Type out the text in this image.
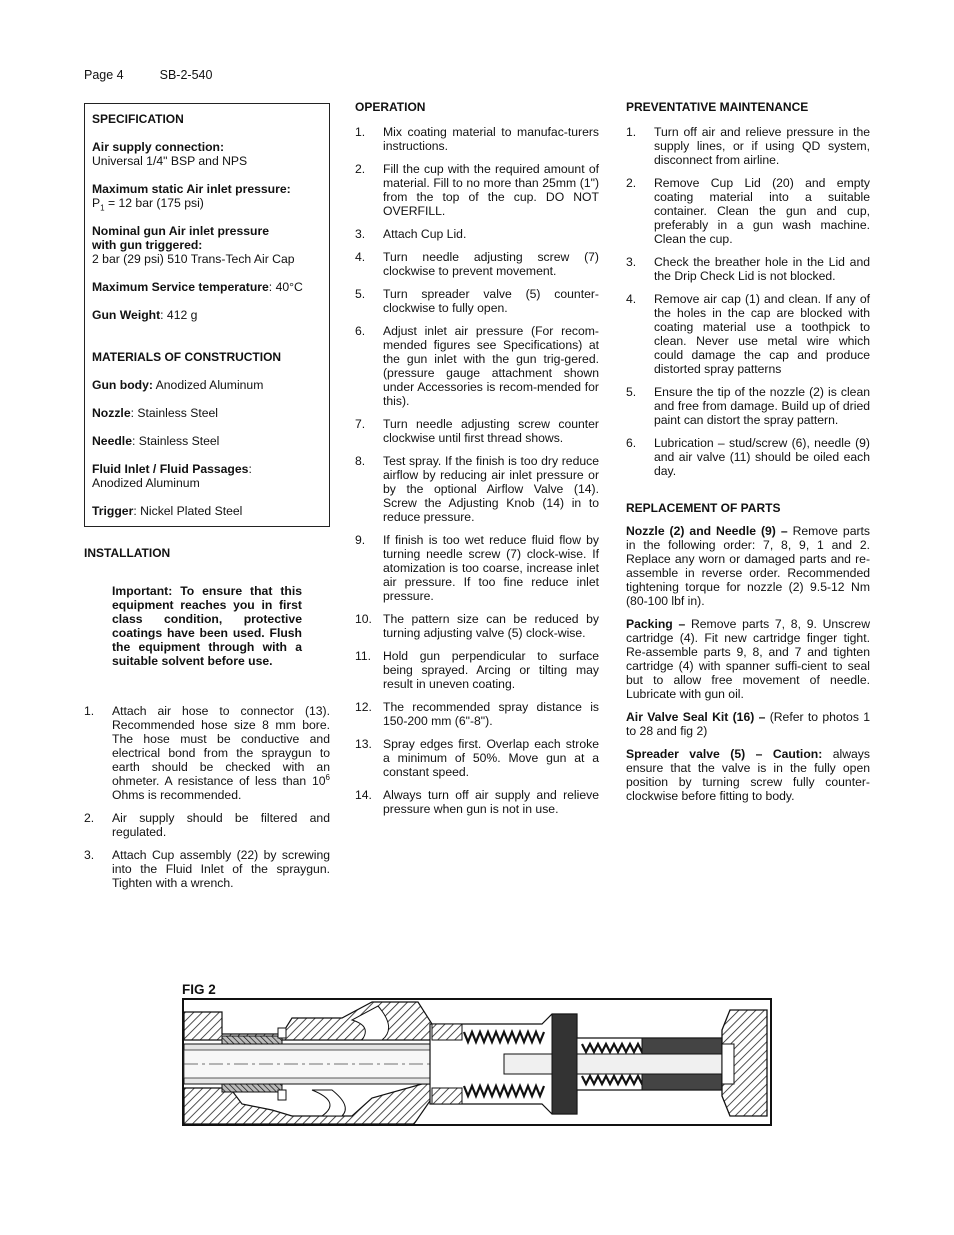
Page 4	SB-2-540

SPECIFICATION

Air supply connection:
Universal 1/4" BSP and NPS

Maximum static Air inlet pressure:
$P_1 = 12$ bar (175 psi)

Nominal gun Air inlet pressure
with gun triggered:
2 bar (29 psi) 510 Trans-Tech Air Cap

Maximum Service temperature: 40°C

Gun Weight: 412 g

MATERIALS OF CONSTRUCTION

Gun body: Anodized Aluminum

Nozzle: Stainless Steel

Needle: Stainless Steel

Fluid Inlet / Fluid Passages:
Anodized Aluminum

Trigger: Nickel Plated Steel

INSTALLATION

Important: To ensure that this equipment reaches you in first class condition, protective coatings have been used. Flush the equipment through with a suitable solvent before use.

1. Attach air hose to connector (13). Recommended hose size 8 mm bore. The hose must be conductive and electrical bond from the spraygun to earth should be checked with an ohmeter. A resistance of less than $10^6$ Ohms is recommended.
2. Air supply should be filtered and regulated.
3. Attach Cup assembly (22) by screwing into the Fluid Inlet of the spraygun. Tighten with a wrench.

OPERATION

1. Mix coating material to manufac-turers instructions.
2. Fill the cup with the required amount of material. Fill to no more than 25mm (1") from the top of the cup. DO NOT OVERFILL.
3. Attach Cup Lid.
4. Turn needle adjusting screw (7) clockwise to prevent movement.
5. Turn spreader valve (5) counter-clockwise to fully open.
6. Adjust inlet air pressure (For recom-mended figures see Specifications) at the gun inlet with the gun trig-gered. (pressure gauge attachment shown under Accessories is recom-mended for this).
7. Turn needle adjusting screw counter clockwise until first thread shows.
8. Test spray. If the finish is too dry reduce airflow by reducing air inlet pressure or by the optional Airflow Valve (14). Screw the Adjusting Knob (14) in to reduce pressure.
9. If finish is too wet reduce fluid flow by turning needle screw (7) clock-wise. If atomization is too coarse, increase inlet air pressure. If too fine reduce inlet pressure.
10. The pattern size can be reduced by turning adjusting valve (5) clock-wise.
11. Hold gun perpendicular to surface being sprayed. Arcing or tilting may result in uneven coating.
12. The recommended spray distance is 150-200 mm (6"-8").
13. Spray edges first. Overlap each stroke a minimum of 50%. Move gun at a constant speed.
14. Always turn off air supply and relieve pressure when gun is not in use.

PREVENTATIVE MAINTENANCE

1. Turn off air and relieve pressure in the supply lines, or if using QD system, disconnect from airline.
2. Remove Cup Lid (20) and empty coating material into a suitable container. Clean the gun and cup, preferably in a gun wash machine. Clean the cup.
3. Check the breather hole in the Lid and the Drip Check Lid is not blocked.
4. Remove air cap (1) and clean. If any of the holes in the cap are blocked with coating material use a toothpick to clean. Never use metal wire which could damage the cap and produce distorted spray patterns
5. Ensure the tip of the nozzle (2) is clean and free from damage. Build up of dried paint can distort the spray pattern.
6. Lubrication – stud/screw (6), needle (9) and air valve (11) should be oiled each day.

REPLACEMENT OF PARTS

Nozzle (2) and Needle (9) – Remove parts in the following order: 7, 8, 9, 1 and 2. Replace any worn or damaged parts and re-assemble in reverse order. Recommended tightening torque for nozzle (2) 9.5-12 Nm (80-100 lbf in).

Packing – Remove parts 7, 8, 9. Unscrew cartridge (4). Fit new cartridge finger tight. Re-assemble parts 9, 8, and 7 and tighten cartridge (4) with spanner suffi-cient to seal but to allow free movement of needle. Lubricate with gun oil.

Air Valve Seal Kit (16) – (Refer to photos 1 to 28 and fig 2)

Spreader valve (5) – Caution: always ensure that the valve is in the fully open position by turning screw fully counter-clockwise before fitting to body.

FIG 2
